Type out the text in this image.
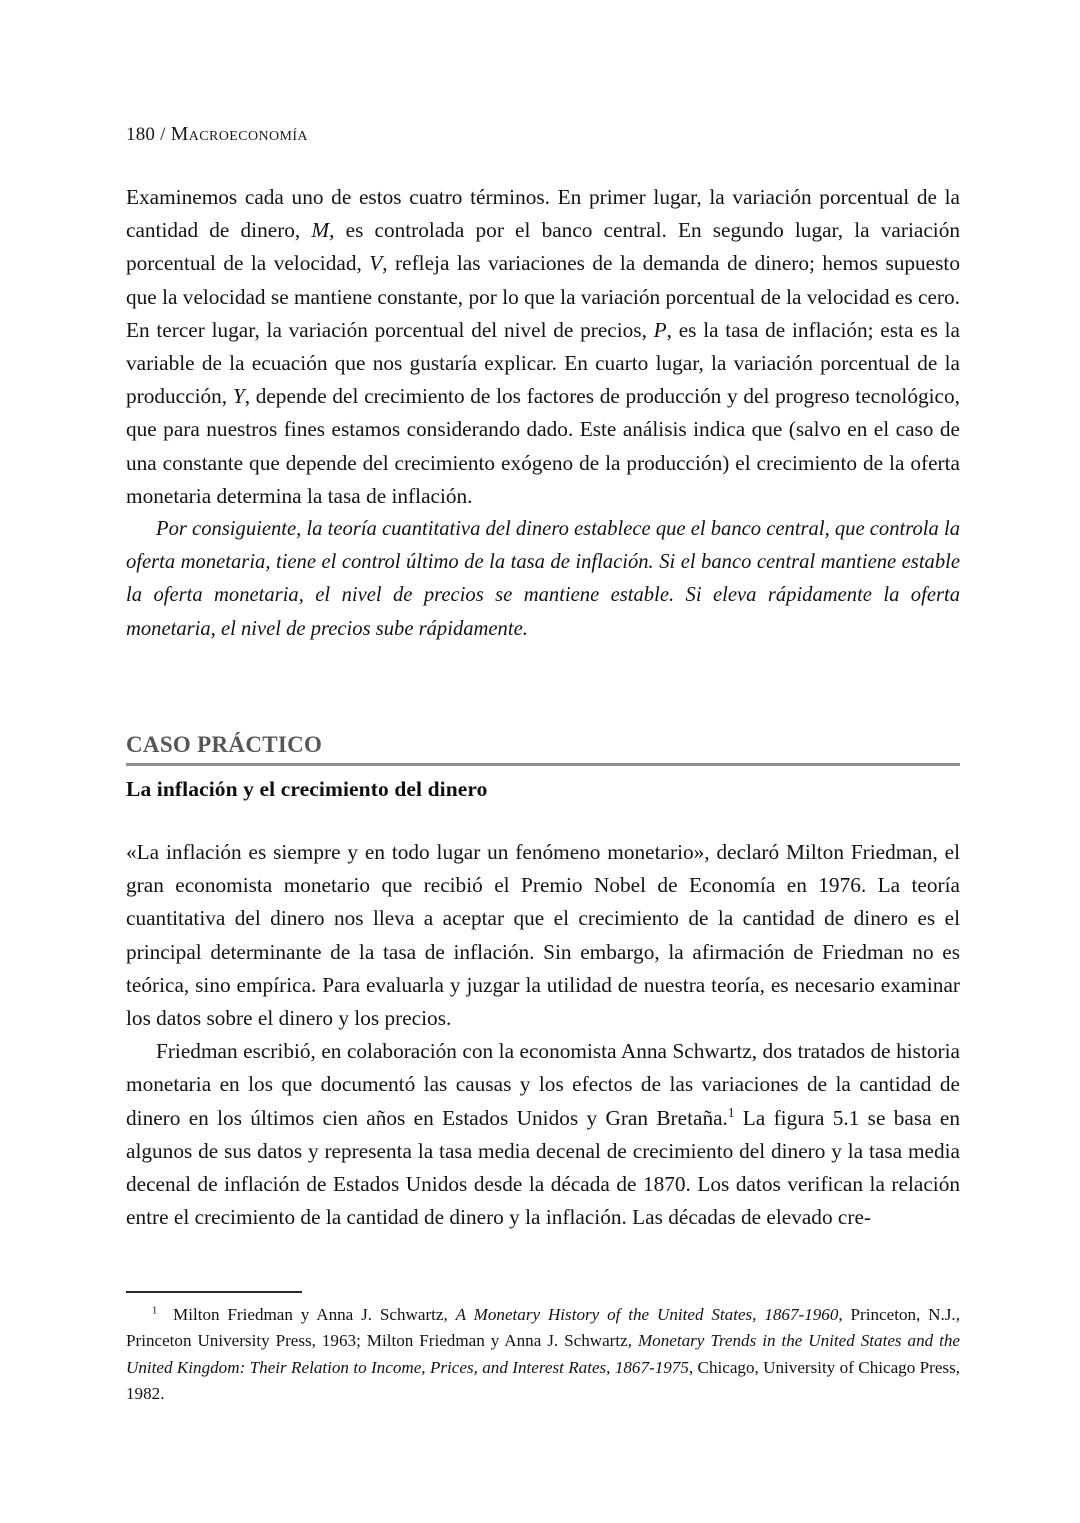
180 / Macroeconomía

Examinemos cada uno de estos cuatro términos. En primer lugar, la variación porcentual de la cantidad de dinero, M, es controlada por el banco central. En segundo lugar, la variación porcentual de la velocidad, V, refleja las variaciones de la demanda de dinero; hemos supuesto que la velocidad se mantiene constante, por lo que la variación porcentual de la velocidad es cero. En tercer lugar, la variación porcentual del nivel de precios, P, es la tasa de inflación; esta es la variable de la ecuación que nos gustaría explicar. En cuarto lugar, la variación porcentual de la producción, Y, depende del crecimiento de los factores de producción y del progreso tecnológico, que para nuestros fines estamos considerando dado. Este análisis indica que (salvo en el caso de una constante que depende del crecimiento exógeno de la producción) el crecimiento de la oferta monetaria determina la tasa de inflación.

Por consiguiente, la teoría cuantitativa del dinero establece que el banco central, que controla la oferta monetaria, tiene el control último de la tasa de inflación. Si el banco central mantiene estable la oferta monetaria, el nivel de precios se mantiene estable. Si eleva rápidamente la oferta monetaria, el nivel de precios sube rápidamente.

CASO PRÁCTICO
La inflación y el crecimiento del dinero

«La inflación es siempre y en todo lugar un fenómeno monetario», declaró Milton Friedman, el gran economista monetario que recibió el Premio Nobel de Economía en 1976. La teoría cuantitativa del dinero nos lleva a aceptar que el crecimiento de la cantidad de dinero es el principal determinante de la tasa de inflación. Sin embargo, la afirmación de Friedman no es teórica, sino empírica. Para evaluarla y juzgar la utilidad de nuestra teoría, es necesario examinar los datos sobre el dinero y los precios.

Friedman escribió, en colaboración con la economista Anna Schwartz, dos tratados de historia monetaria en los que documentó las causas y los efectos de las variaciones de la cantidad de dinero en los últimos cien años en Estados Unidos y Gran Bretaña.$^1$ La figura 5.1 se basa en algunos de sus datos y representa la tasa media decenal de crecimiento del dinero y la tasa media decenal de inflación de Estados Unidos desde la década de 1870. Los datos verifican la relación entre el crecimiento de la cantidad de dinero y la inflación. Las décadas de elevado cre-

$^1$ Milton Friedman y Anna J. Schwartz, A Monetary History of the United States, 1867-1960, Princeton, N.J., Princeton University Press, 1963; Milton Friedman y Anna J. Schwartz, Monetary Trends in the United States and the United Kingdom: Their Relation to Income, Prices, and Interest Rates, 1867-1975, Chicago, University of Chicago Press, 1982.
